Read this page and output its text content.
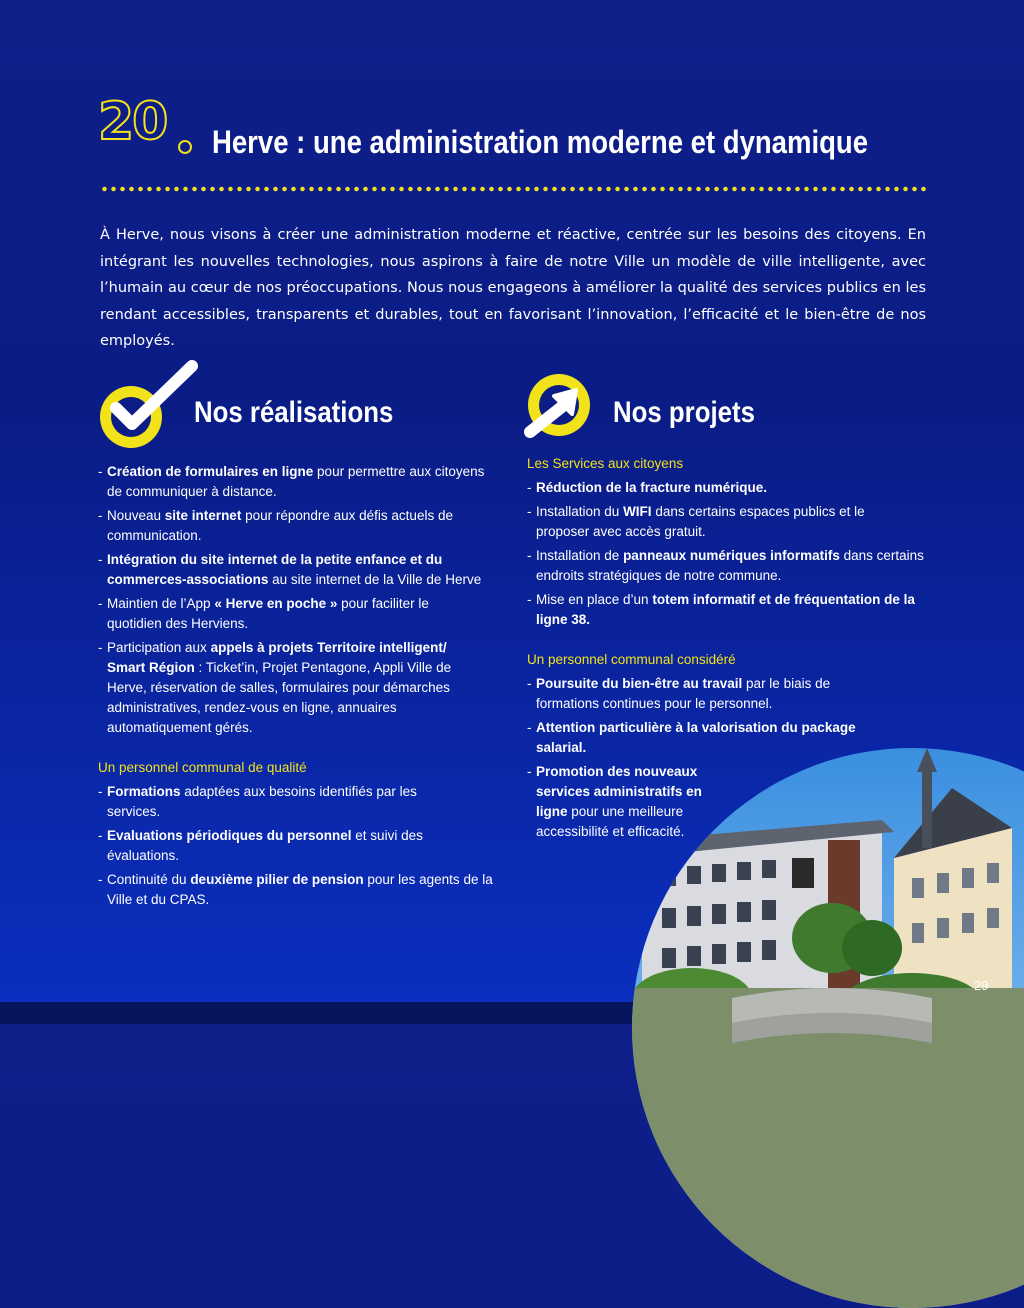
20 Herve : une administration moderne et dynamique

À Herve, nous visons à créer une administration moderne et réactive, centrée sur les besoins des citoyens. En intégrant les nouvelles technologies, nous aspirons à faire de notre Ville un modèle de ville intelligente, avec l’humain au cœur de nos préoccupations. Nous nous engageons à améliorer la qualité des services publics en les rendant accessibles, transparents et durables, tout en favorisant l’innovation, l’efficacité et le bien-être de nos employés.

Nos réalisations	Nos projets
- Création de formulaires en ligne pour permettre aux citoyens de communiquer à distance.
- Nouveau site internet pour répondre aux défis actuels de communication.
- Intégration du site internet de la petite enfance et du commerces-associations au site internet de la Ville de Herve
- Maintien de l’App « Herve en poche » pour faciliter le quotidien des Herviens.
- Participation aux appels à projets Territoire intelligent/ Smart Région : Ticket’in, Projet Pentagone, Appli Ville de Herve, réservation de salles, formulaires pour démarches administratives, rendez-vous en ligne, annuaires automatiquement gérés.

Un personnel communal de qualité

- Formations adaptées aux besoins identifiés par les services.
- Evaluations périodiques du personnel et suivi des évaluations.
- Continuité du deuxième pilier de pension pour les agents de la Ville et du CPAS.

Les Services aux citoyens

- Réduction de la fracture numérique.
- Installation du WIFI dans certains espaces publics et le proposer avec accès gratuit.
- Installation de panneaux numériques informatifs dans certains endroits stratégiques de notre commune.
- Mise en place d’un totem informatif et de fréquentation de la ligne 38.

Un personnel communal considéré

- Poursuite du bien-être au travail par le biais de formations continues pour le personnel.
- Attention particulière à la valorisation du package salarial.
- Promotion des nouveaux services administratifs en ligne pour une meilleure accessibilité et efficacité.
29
